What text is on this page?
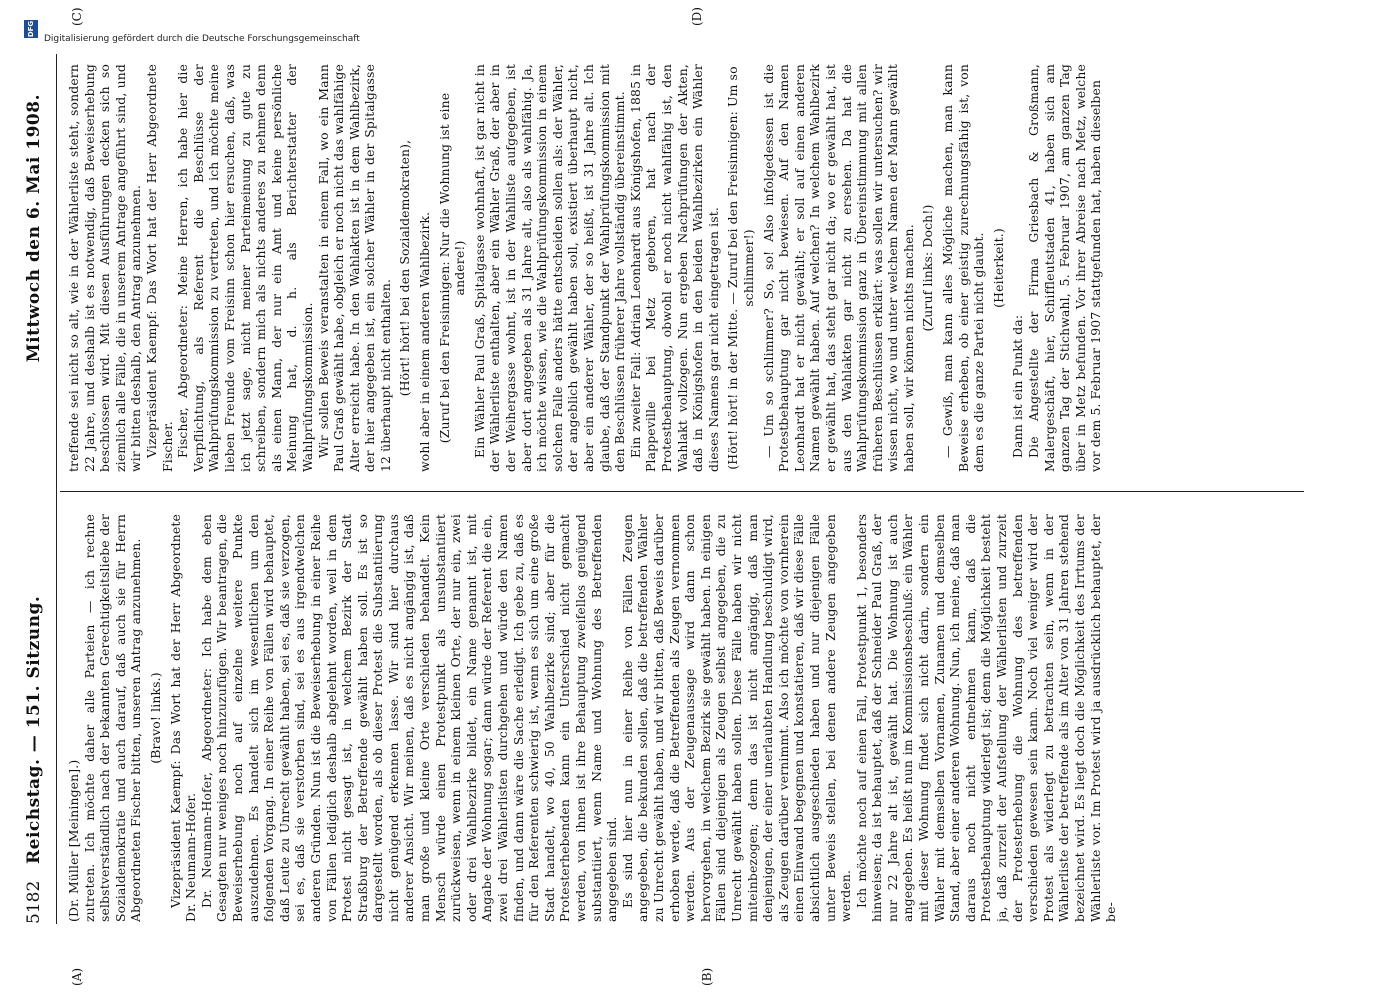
5182
Reichstag. — 151. Sitzung.
Mittwoch den 6. Mai 1908.

(Dr. Müller [Meiningen].) zutreten. Ich möchte daher alle Parteien — ich rechne selbstverständlich nach der bekannten Gerechtigkeitsliebe der Sozialdemokratie und auch darauf, daß auch sie für Herrn Abgeordneten Fischer bitten, unseren Antrag anzunehmen. (Bravo! links.) Vizepräsident Kaempf: Das Wort hat der Herr Abgeordnete Dr. Neumann-Hofer. Dr. Neumann-Hofer, Abgeordneter: Ich habe dem eben Gesagten nur weniges noch hinzuzufügen. Wir beantragen, die Beweiserhebung noch auf einzelne weitere Punkte auszudehnen. Es handelt sich im wesentlichen um den folgenden Vorgang. In einer Reihe von Fällen wird behauptet, daß Leute zu Unrecht gewählt haben, sei es, daß sie verzogen, sei es, daß sie verstorben sind, sei es aus irgendwelchen anderen Gründen. Nun ist die Beweiserhebung in einer Reihe von Fällen lediglich deshalb abgelehnt worden, weil in dem Protest nicht gesagt ist, in welchem Bezirk der Stadt Straßburg der Betreffende gewählt haben soll. Es ist so dargestellt worden, als ob dieser Protest die Substantiierung nicht genügend erkennen lasse. Wir sind hier durchaus anderer Ansicht. Wir meinen, daß es nicht angängig ist, daß man große und kleine Orte verschieden behandelt. Kein Mensch würde einen Protestpunkt als unsubstantiiert zurückweisen, wenn in einem kleinen Orte, der nur ein, zwei oder drei Wahlbezirke bildet, ein Name genannt ist, mit Angabe der Wohnung sogar; dann würde der Referent die ein, zwei drei Wählerlisten durchgehen und würde den Namen finden, und dann wäre die Sache erledigt. Ich gebe zu, daß es für den Referenten schwierig ist, wenn es sich um eine große Stadt handelt, wo 40, 50 Wahlbezirke sind; aber für die Protesterhebenden kann ein Unterschied nicht gemacht werden, von ihnen ist ihre Behauptung zweifellos genügend substantiiert, wenn Name und Wohnung des Betreffenden angegeben sind. Es sind hier nun in einer Reihe von Fällen Zeugen angegeben, die bekunden sollen, daß die betreffenden Wähler zu Unrecht gewählt haben, und wir bitten, daß Beweis darüber erhoben werde, daß die Betreffenden als Zeugen vernommen werden. Aus der Zeugenaussage wird dann schon hervorgehen, in welchem Bezirk sie gewählt haben. In einigen Fällen sind diejenigen als Zeugen selbst angegeben, die zu Unrecht gewählt haben sollen. Diese Fälle haben wir nicht miteinbezogen; denn das ist nicht angängig, daß man denjenigen, der einer unerlaubten Handlung beschuldigt wird, als Zeugen darüber vernimmt. Also ich möchte von vornherein einen Einwand begegnen und konstatieren, daß wir diese Fälle absichtlich ausgeschieden haben und nur diejenigen Fälle unter Beweis stellen, bei denen andere Zeugen angegeben werden. Ich möchte noch auf einen Fall, Protestpunkt 1, besonders hinweisen; da ist behauptet, daß der Schneider Paul Graß, der nur 22 Jahre alt ist, gewählt hat. Die Wohnung ist auch angegeben. Es heißt nun im Kommissionsbeschluß: ein Wähler mit dieser Wohnung findet sich nicht darin, sondern ein Wähler mit demselben Vornamen, Zunamen und demselben Stand, aber einer anderen Wohnung. Nun, ich meine, daß man daraus noch nicht entnehmen kann, daß die Protestbehauptung widerlegt ist; denn die Möglichkeit besteht ja, daß zurzeit der Aufstellung der Wählerlisten und zurzeit der Protesterhebung die Wohnung des betreffenden verschieden gewesen sein kann. Noch viel weniger wird der Protest als widerlegt zu betrachten sein, wenn in der Wählerliste der betreffende als im Alter von 31 Jahren stehend bezeichnet wird. Es liegt doch die Möglichkeit des Irrtums der Wählerliste vor. Im Protest wird ja ausdrücklich behauptet, der be-

treffende sei nicht so alt, wie in der Wählerliste steht, sondern 22 Jahre, und deshalb ist es notwendig, daß Beweiserhebung beschlossen wird. Mit diesen Ausführungen decken sich so ziemlich alle Fälle, die in unserem Antrage angeführt sind, und wir bitten deshalb, den Antrag anzunehmen. Vizepräsident Kaempf: Das Wort hat der Herr Abgeordnete Fischer. Fischer, Abgeordneter: Meine Herren, ich habe hier die Verpflichtung, als Referent die Beschlüsse der Wahlprüfungskommission zu vertreten, und ich möchte meine lieben Freunde vom Freisinn schon hier ersuchen, daß, was ich jetzt sage, nicht meiner Parteimeinung zu gute zu schreiben, sondern mich als nichts anderes zu nehmen denn als einen Mann, der nur ein Amt und keine persönliche Meinung hat, d. h. als Berichterstatter der Wahlprüfungskommission. Wir sollen Beweis veranstalten in einem Fall, wo ein Mann Paul Graß gewählt habe, obgleich er noch nicht das wahlfähige Alter erreicht habe. In den Wahlakten ist in dem Wahlbezirk, der hier angegeben ist, ein solcher Wähler in der Spitalgasse 12 überhaupt nicht enthalten. (Hört! hört! bei den Sozialdemokraten), wohl aber in einem anderen Wahlbezirk. (Zuruf bei den Freisinnigen: Nur die Wohnung ist eine andere!) Ein Wähler Paul Graß, Spitalgasse wohnhaft, ist gar nicht in der Wählerliste enthalten, aber ein Wähler Graß, der aber in der Weihergasse wohnt, ist in der Wahlliste aufgegeben, ist aber dort angegeben als 31 Jahre alt, also als wahlfähig. Ja, ich möchte wissen, wie die Wahlprüfungskommission in einem solchen Falle anders hätte entscheiden sollen als: der Wähler, der angeblich gewählt haben soll, existiert überhaupt nicht, aber ein anderer Wähler, der so heißt, ist 31 Jahre alt. Ich glaube, daß der Standpunkt der Wahlprüfungskommission mit den Beschlüssen früherer Jahre vollständig übereinstimmt. Ein zweiter Fall: Adrian Leonhardt aus Königshofen, 1885 in Plappeville bei Metz geboren, hat nach der Protestbehauptung, obwohl er noch nicht wahlfähig ist, den Wahlakt vollzogen. Nun ergeben Nachprüfungen der Akten, daß in Königshofen in den beiden Wahlbezirken ein Wähler dieses Namens gar nicht eingetragen ist. (Hört! hört! in der Mitte. — Zuruf bei den Freisinnigen: Um so schlimmer!) — Um so schlimmer? So, so! Also infolgedessen ist die Protestbehauptung gar nicht bewiesen. Auf den Namen Leonhardt hat er nicht gewählt; er soll auf einen anderen Namen gewählt haben. Auf welchen? In welchem Wahlbezirk er gewählt hat, das steht gar nicht da; wo er gewählt hat, ist aus den Wahlakten gar nicht zu ersehen. Da hat die Wahlprüfungskommission ganz in Übereinstimmung mit allen früheren Beschlüssen erklärt: was sollen wir untersuchen? wir wissen nicht, wo und unter welchem Namen der Mann gewählt haben soll, wir können nichts machen. (Zuruf links: Doch!) — Gewiß, man kann alles Mögliche machen, man kann Beweise erheben, ob einer geistig zurechnungsfähig ist, von dem es die ganze Partei nicht glaubt. (Heiterkeit.)

Dann ist ein Punkt da: Die Angestellte der Firma Griesbach & Großmann, Malergeschäft, hier, Schiffleutstaden 41, haben sich am ganzen Tag der Stichwahl, 5. Februar 1907, am ganzen Tag über in Metz befunden. Vor ihrer Abreise nach Metz, welche vor dem 5. Februar 1907 stattgefunden hat, haben dieselben

(A)	(B)
(C)	(D)
DFG
Digitalisierung gefördert durch die Deutsche Forschungsgemeinschaft
